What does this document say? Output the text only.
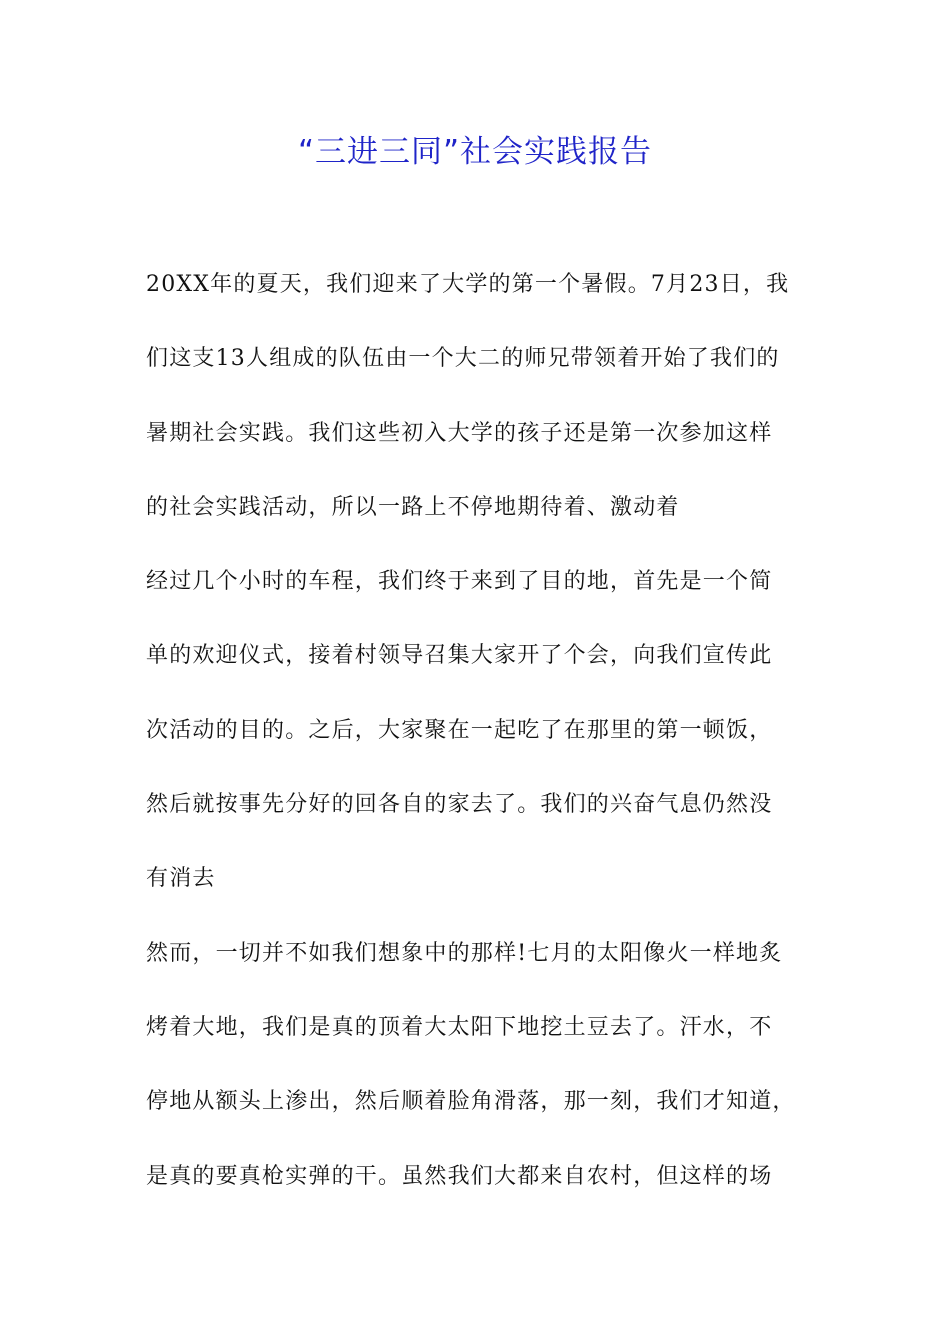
“三进三同”社会实践报告
20XX年的夏天，我们迎来了大学的第一个暑假。7月23日，我
们这支13人组成的队伍由一个大二的师兄带领着开始了我们的
暑期社会实践。我们这些初入大学的孩子还是第一次参加这样
的社会实践活动，所以一路上不停地期待着、激动着
经过几个小时的车程，我们终于来到了目的地，首先是一个简
单的欢迎仪式，接着村领导召集大家开了个会，向我们宣传此
次活动的目的。之后，大家聚在一起吃了在那里的第一顿饭，
然后就按事先分好的回各自的家去了。我们的兴奋气息仍然没
有消去
然而，一切并不如我们想象中的那样!七月的太阳像火一样地炙
烤着大地，我们是真的顶着大太阳下地挖土豆去了。汗水，不
停地从额头上渗出，然后顺着脸角滑落，那一刻，我们才知道，
是真的要真枪实弹的干。虽然我们大都来自农村，但这样的场
